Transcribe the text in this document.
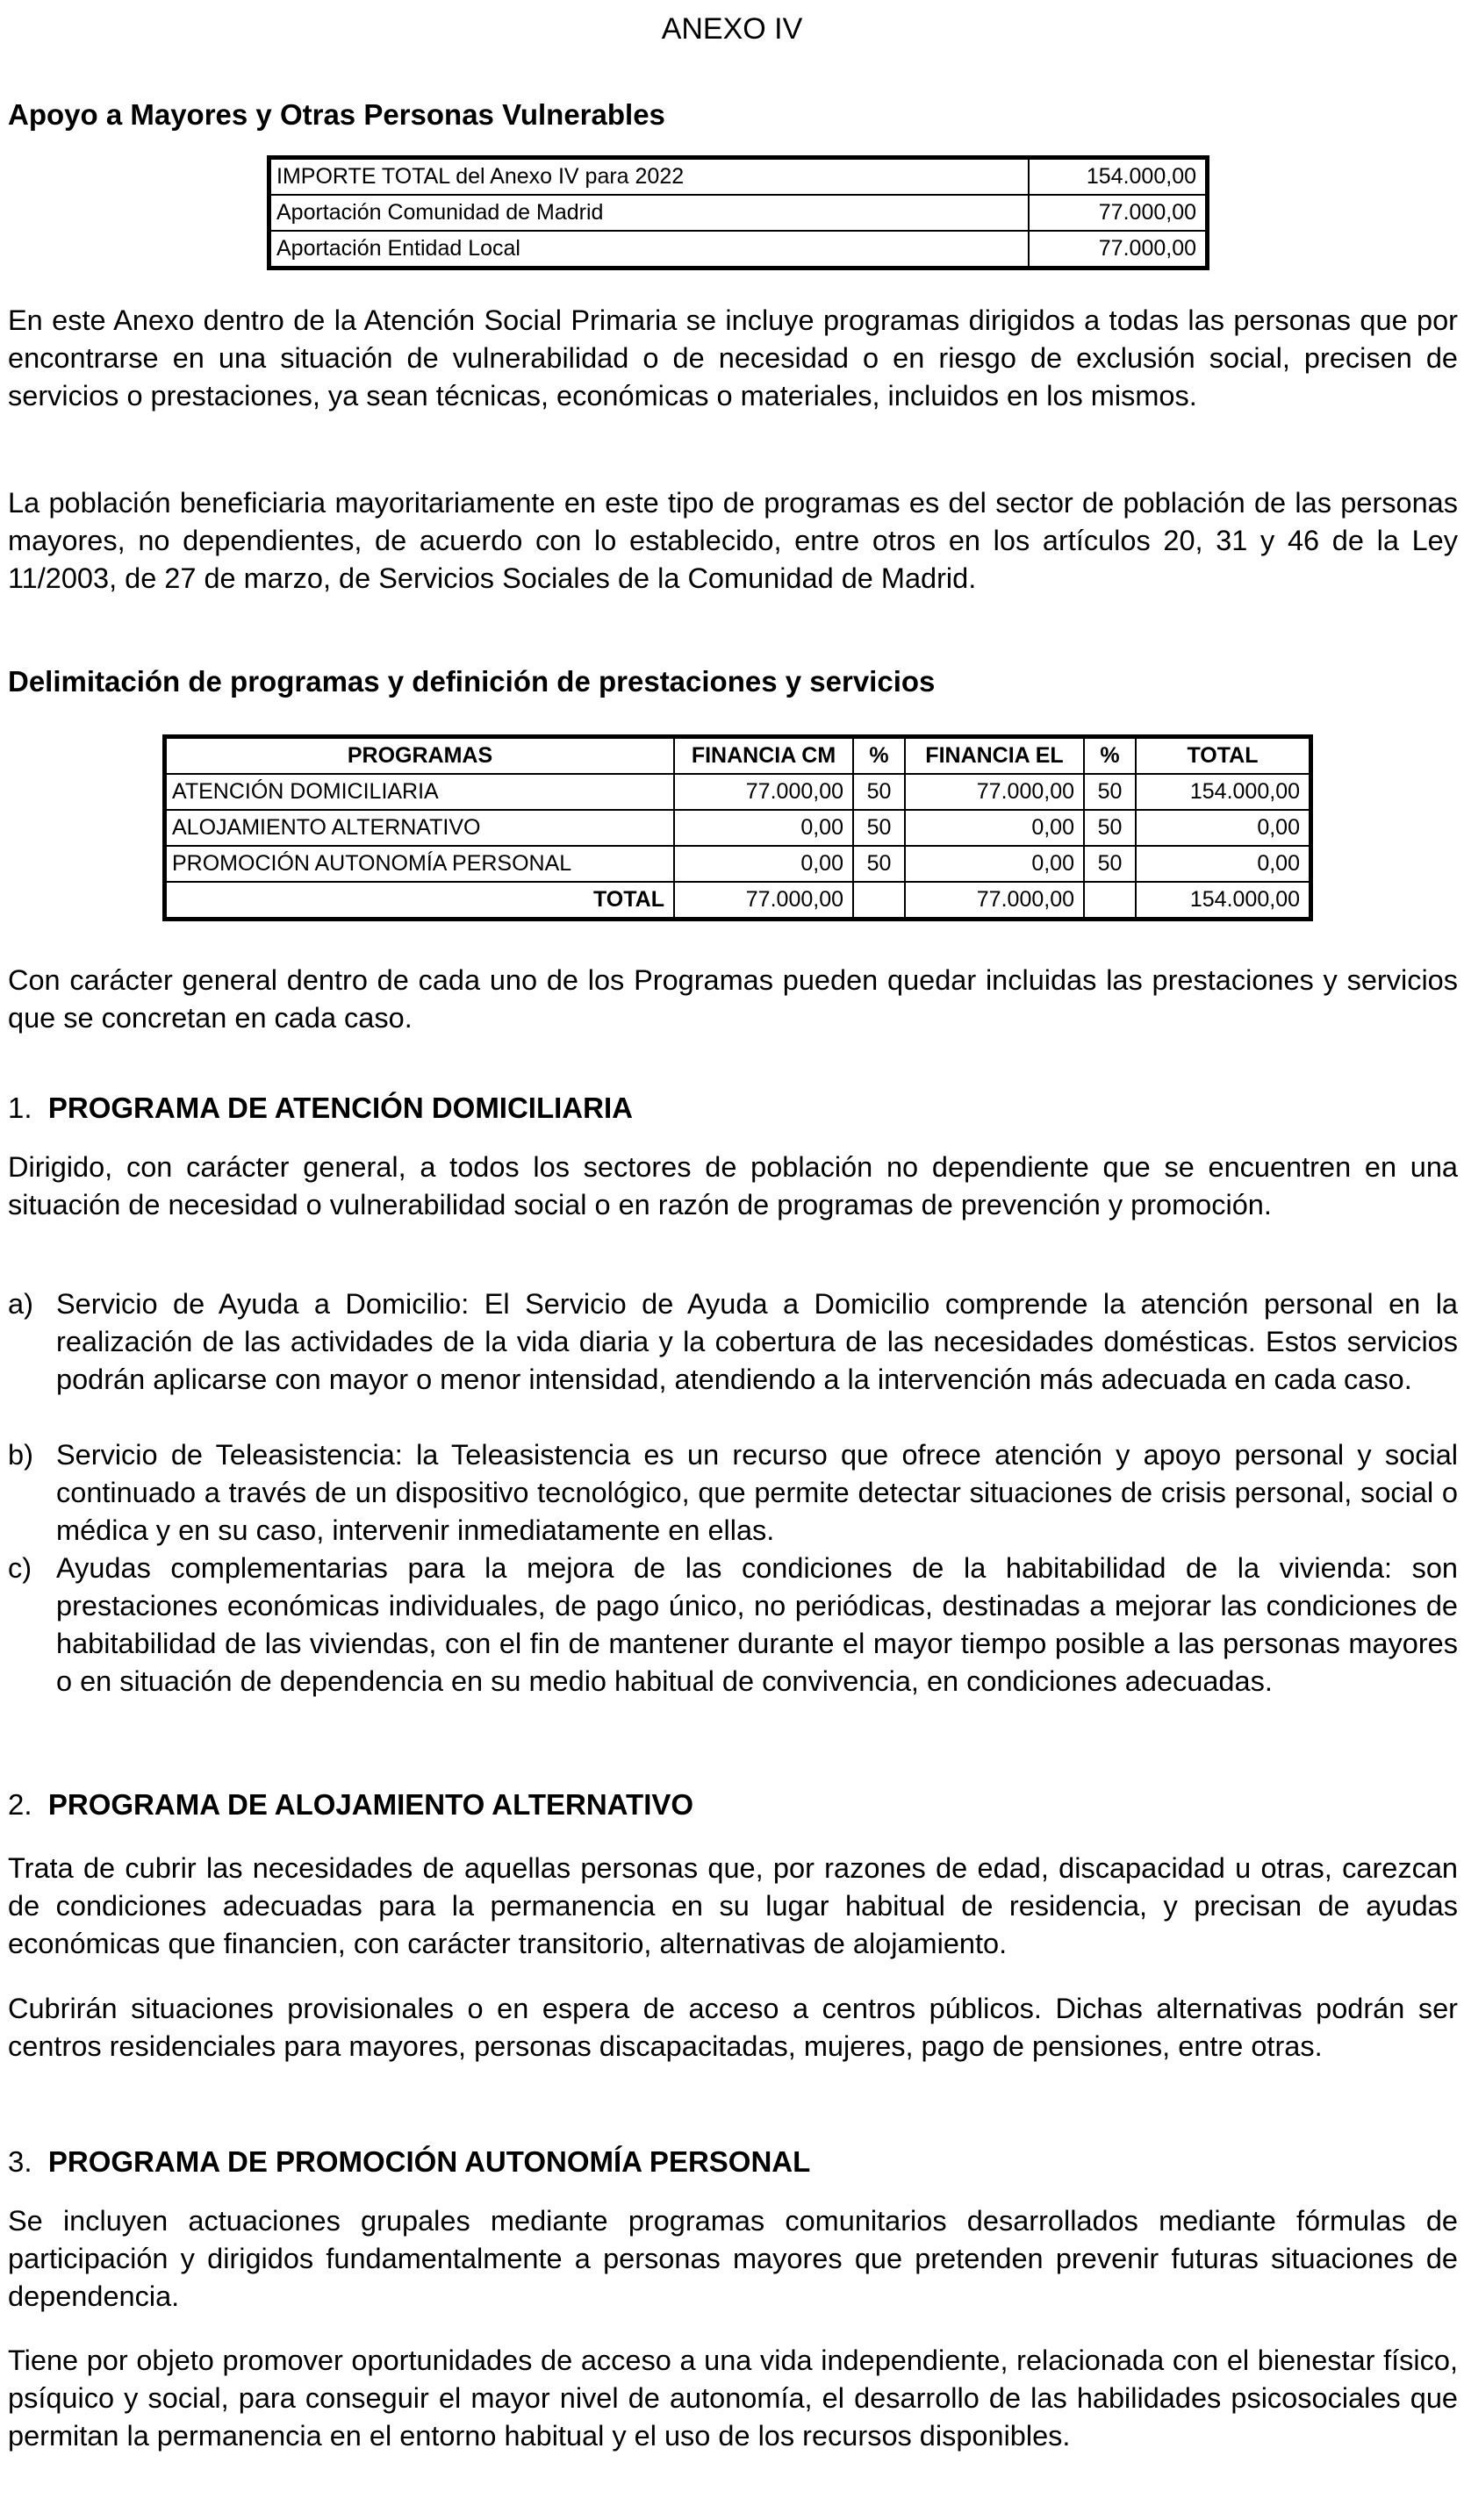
ANEXO IV
Apoyo a Mayores y Otras Personas Vulnerables
IMPORTE TOTAL del Anexo IV para 2022	154.000,00
Aportación Comunidad de Madrid	77.000,00
Aportación Entidad Local	77.000,00

En este Anexo dentro de la Atención Social Primaria se incluye programas dirigidos a todas las personas que por encontrarse en una situación de vulnerabilidad o de necesidad o en riesgo de exclusión social, precisen de servicios o prestaciones, ya sean técnicas, económicas o materiales, incluidos en los mismos.

La población beneficiaria mayoritariamente en este tipo de programas es del sector de población de las personas mayores, no dependientes, de acuerdo con lo establecido, entre otros en los artículos 20, 31 y 46 de la Ley 11/2003, de 27 de marzo, de Servicios Sociales de la Comunidad de Madrid.

Delimitación de programas y definición de prestaciones y servicios
PROGRAMAS	FINANCIA CM	%	FINANCIA EL	%	TOTAL
ATENCIÓN DOMICILIARIA	77.000,00	50	77.000,00	50	154.000,00
ALOJAMIENTO ALTERNATIVO	0,00	50	0,00	50	0,00
PROMOCIÓN AUTONOMÍA PERSONAL	0,00	50	0,00	50	0,00
TOTAL	77.000,00		77.000,00		154.000,00

Con carácter general dentro de cada uno de los Programas pueden quedar incluidas las prestaciones y servicios que se concretan en cada caso.

1. PROGRAMA DE ATENCIÓN DOMICILIARIA

Dirigido, con carácter general, a todos los sectores de población no dependiente que se encuentren en una situación de necesidad o vulnerabilidad social o en razón de programas de prevención y promoción.

a) Servicio de Ayuda a Domicilio: El Servicio de Ayuda a Domicilio comprende la atención personal en la realización de las actividades de la vida diaria y la cobertura de las necesidades domésticas. Estos servicios podrán aplicarse con mayor o menor intensidad, atendiendo a la intervención más adecuada en cada caso.
b) Servicio de Teleasistencia: la Teleasistencia es un recurso que ofrece atención y apoyo personal y social continuado a través de un dispositivo tecnológico, que permite detectar situaciones de crisis personal, social o médica y en su caso, intervenir inmediatamente en ellas.
c) Ayudas complementarias para la mejora de las condiciones de la habitabilidad de la vivienda: son prestaciones económicas individuales, de pago único, no periódicas, destinadas a mejorar las condiciones de habitabilidad de las viviendas, con el fin de mantener durante el mayor tiempo posible a las personas mayores o en situación de dependencia en su medio habitual de convivencia, en condiciones adecuadas.
2. PROGRAMA DE ALOJAMIENTO ALTERNATIVO

Trata de cubrir las necesidades de aquellas personas que, por razones de edad, discapacidad u otras, carezcan de condiciones adecuadas para la permanencia en su lugar habitual de residencia, y precisan de ayudas económicas que financien, con carácter transitorio, alternativas de alojamiento.

Cubrirán situaciones provisionales o en espera de acceso a centros públicos. Dichas alternativas podrán ser centros residenciales para mayores, personas discapacitadas, mujeres, pago de pensiones, entre otras.

3. PROGRAMA DE PROMOCIÓN AUTONOMÍA PERSONAL

Se incluyen actuaciones grupales mediante programas comunitarios desarrollados mediante fórmulas de participación y dirigidos fundamentalmente a personas mayores que pretenden prevenir futuras situaciones de dependencia.

Tiene por objeto promover oportunidades de acceso a una vida independiente, relacionada con el bienestar físico, psíquico y social, para conseguir el mayor nivel de autonomía, el desarrollo de las habilidades psicosociales que permitan la permanencia en el entorno habitual y el uso de los recursos disponibles.
